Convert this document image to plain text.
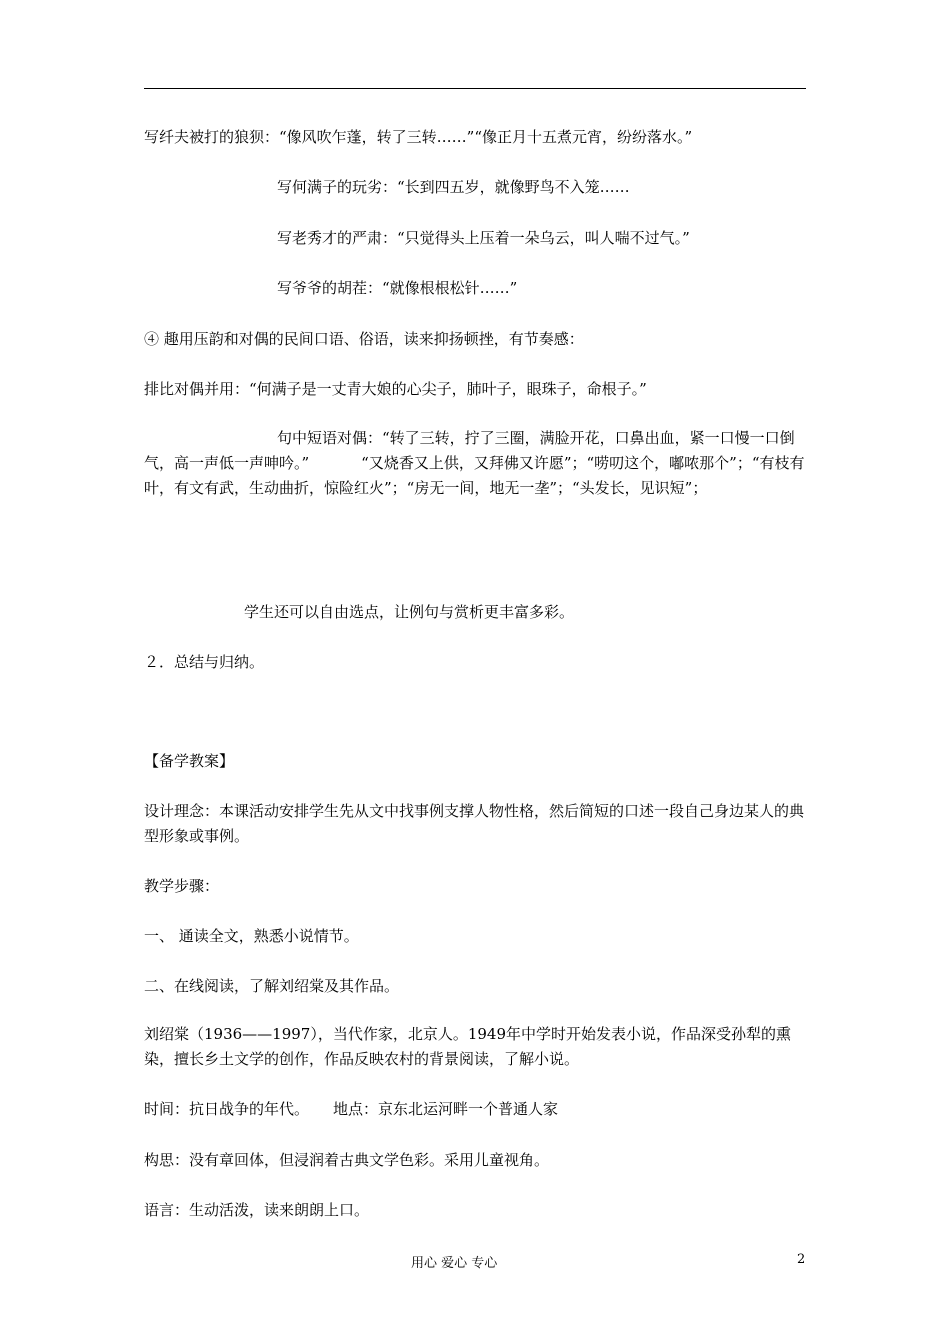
写纤夫被打的狼狈：“像风吹乍蓬，转了三转……”“像正月十五煮元宵，纷纷落水。”
写何满子的玩劣：“长到四五岁，就像野鸟不入笼……
写老秀才的严肃：“只觉得头上压着一朵乌云，叫人喘不过气。”
写爷爷的胡茬：“就像根根松针……”
④ 趣用压韵和对偶的民间口语、俗语，读来抑扬顿挫，有节奏感：
排比对偶并用：“何满子是一丈青大娘的心尖子，肺叶子，眼珠子，命根子。”
句中短语对偶：“转了三转，拧了三圈，满脸开花，口鼻出血，紧一口慢一口倒气，高一声低一声呻吟。”	“又烧香又上供，又拜佛又许愿”；“唠叨这个，嘟哝那个”；“有枝有叶，有文有武，生动曲折，惊险红火”；“房无一间，地无一垄”；“头发长，见识短”；
学生还可以自由选点，让例句与赏析更丰富多彩。
２．总结与归纳。
【备学教案】
设计理念：本课活动安排学生先从文中找事例支撑人物性格，然后简短的口述一段自己身边某人的典型形象或事例。
教学步骤：
一、 通读全文，熟悉小说情节。
二、在线阅读，了解刘绍棠及其作品。
刘绍棠（1936——1997），当代作家，北京人。1949年中学时开始发表小说，作品深受孙犁的熏染，擅长乡土文学的创作，作品反映农村的背景阅读，了解小说。
时间：抗日战争的年代。 地点：京东北运河畔一个普通人家
构思：没有章回体，但浸润着古典文学色彩。采用儿童视角。
语言：生动活泼，读来朗朗上口。
用心 爱心 专心	2
